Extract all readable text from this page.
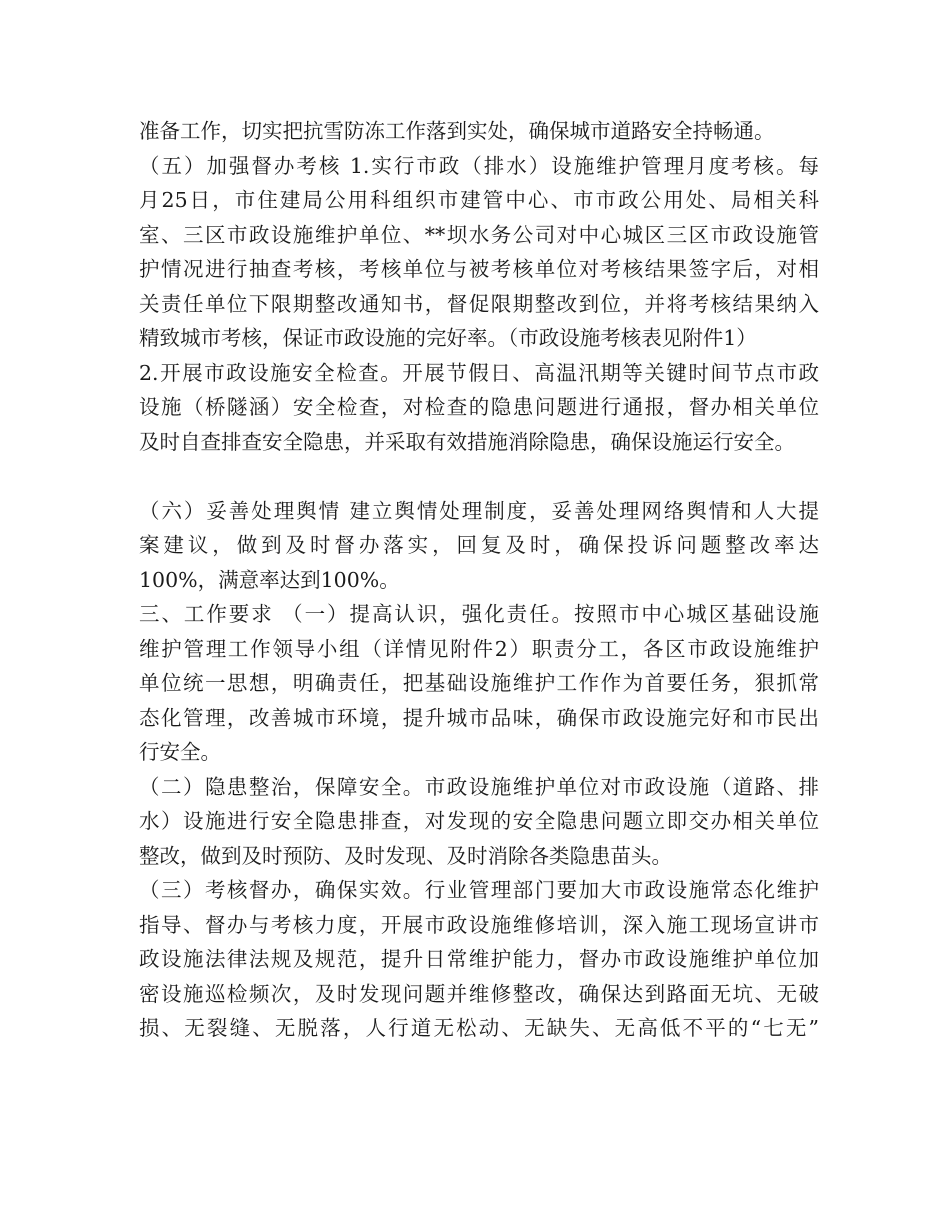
准备工作，切实把抗雪防冻工作落到实处，确保城市道路安全持畅通。
（五）加强督办考核 1.实行市政（排水）设施维护管理月度考核。每
月25日，市住建局公用科组织市建管中心、市市政公用处、局相关科
室、三区市政设施维护单位、**坝水务公司对中心城区三区市政设施管
护情况进行抽查考核，考核单位与被考核单位对考核结果签字后，对相
关责任单位下限期整改通知书，督促限期整改到位，并将考核结果纳入
精致城市考核，保证市政设施的完好率。（市政设施考核表见附件1）
2.开展市政设施安全检查。开展节假日、高温汛期等关键时间节点市政
设施（桥隧涵）安全检查，对检查的隐患问题进行通报，督办相关单位
及时自查排查安全隐患，并采取有效措施消除隐患，确保设施运行安全。
（六）妥善处理舆情 建立舆情处理制度，妥善处理网络舆情和人大提
案建议，做到及时督办落实，回复及时，确保投诉问题整改率达
100%，满意率达到100%。
三、工作要求 （一）提高认识，强化责任。按照市中心城区基础设施
维护管理工作领导小组（详情见附件2）职责分工，各区市政设施维护
单位统一思想，明确责任，把基础设施维护工作作为首要任务，狠抓常
态化管理，改善城市环境，提升城市品味，确保市政设施完好和市民出
行安全。
（二）隐患整治，保障安全。市政设施维护单位对市政设施（道路、排
水）设施进行安全隐患排查，对发现的安全隐患问题立即交办相关单位
整改，做到及时预防、及时发现、及时消除各类隐患苗头。
（三）考核督办，确保实效。行业管理部门要加大市政设施常态化维护
指导、督办与考核力度，开展市政设施维修培训，深入施工现场宣讲市
政设施法律法规及规范，提升日常维护能力，督办市政设施维护单位加
密设施巡检频次，及时发现问题并维修整改，确保达到路面无坑、无破
损、无裂缝、无脱落，人行道无松动、无缺失、无高低不平的“七无”
